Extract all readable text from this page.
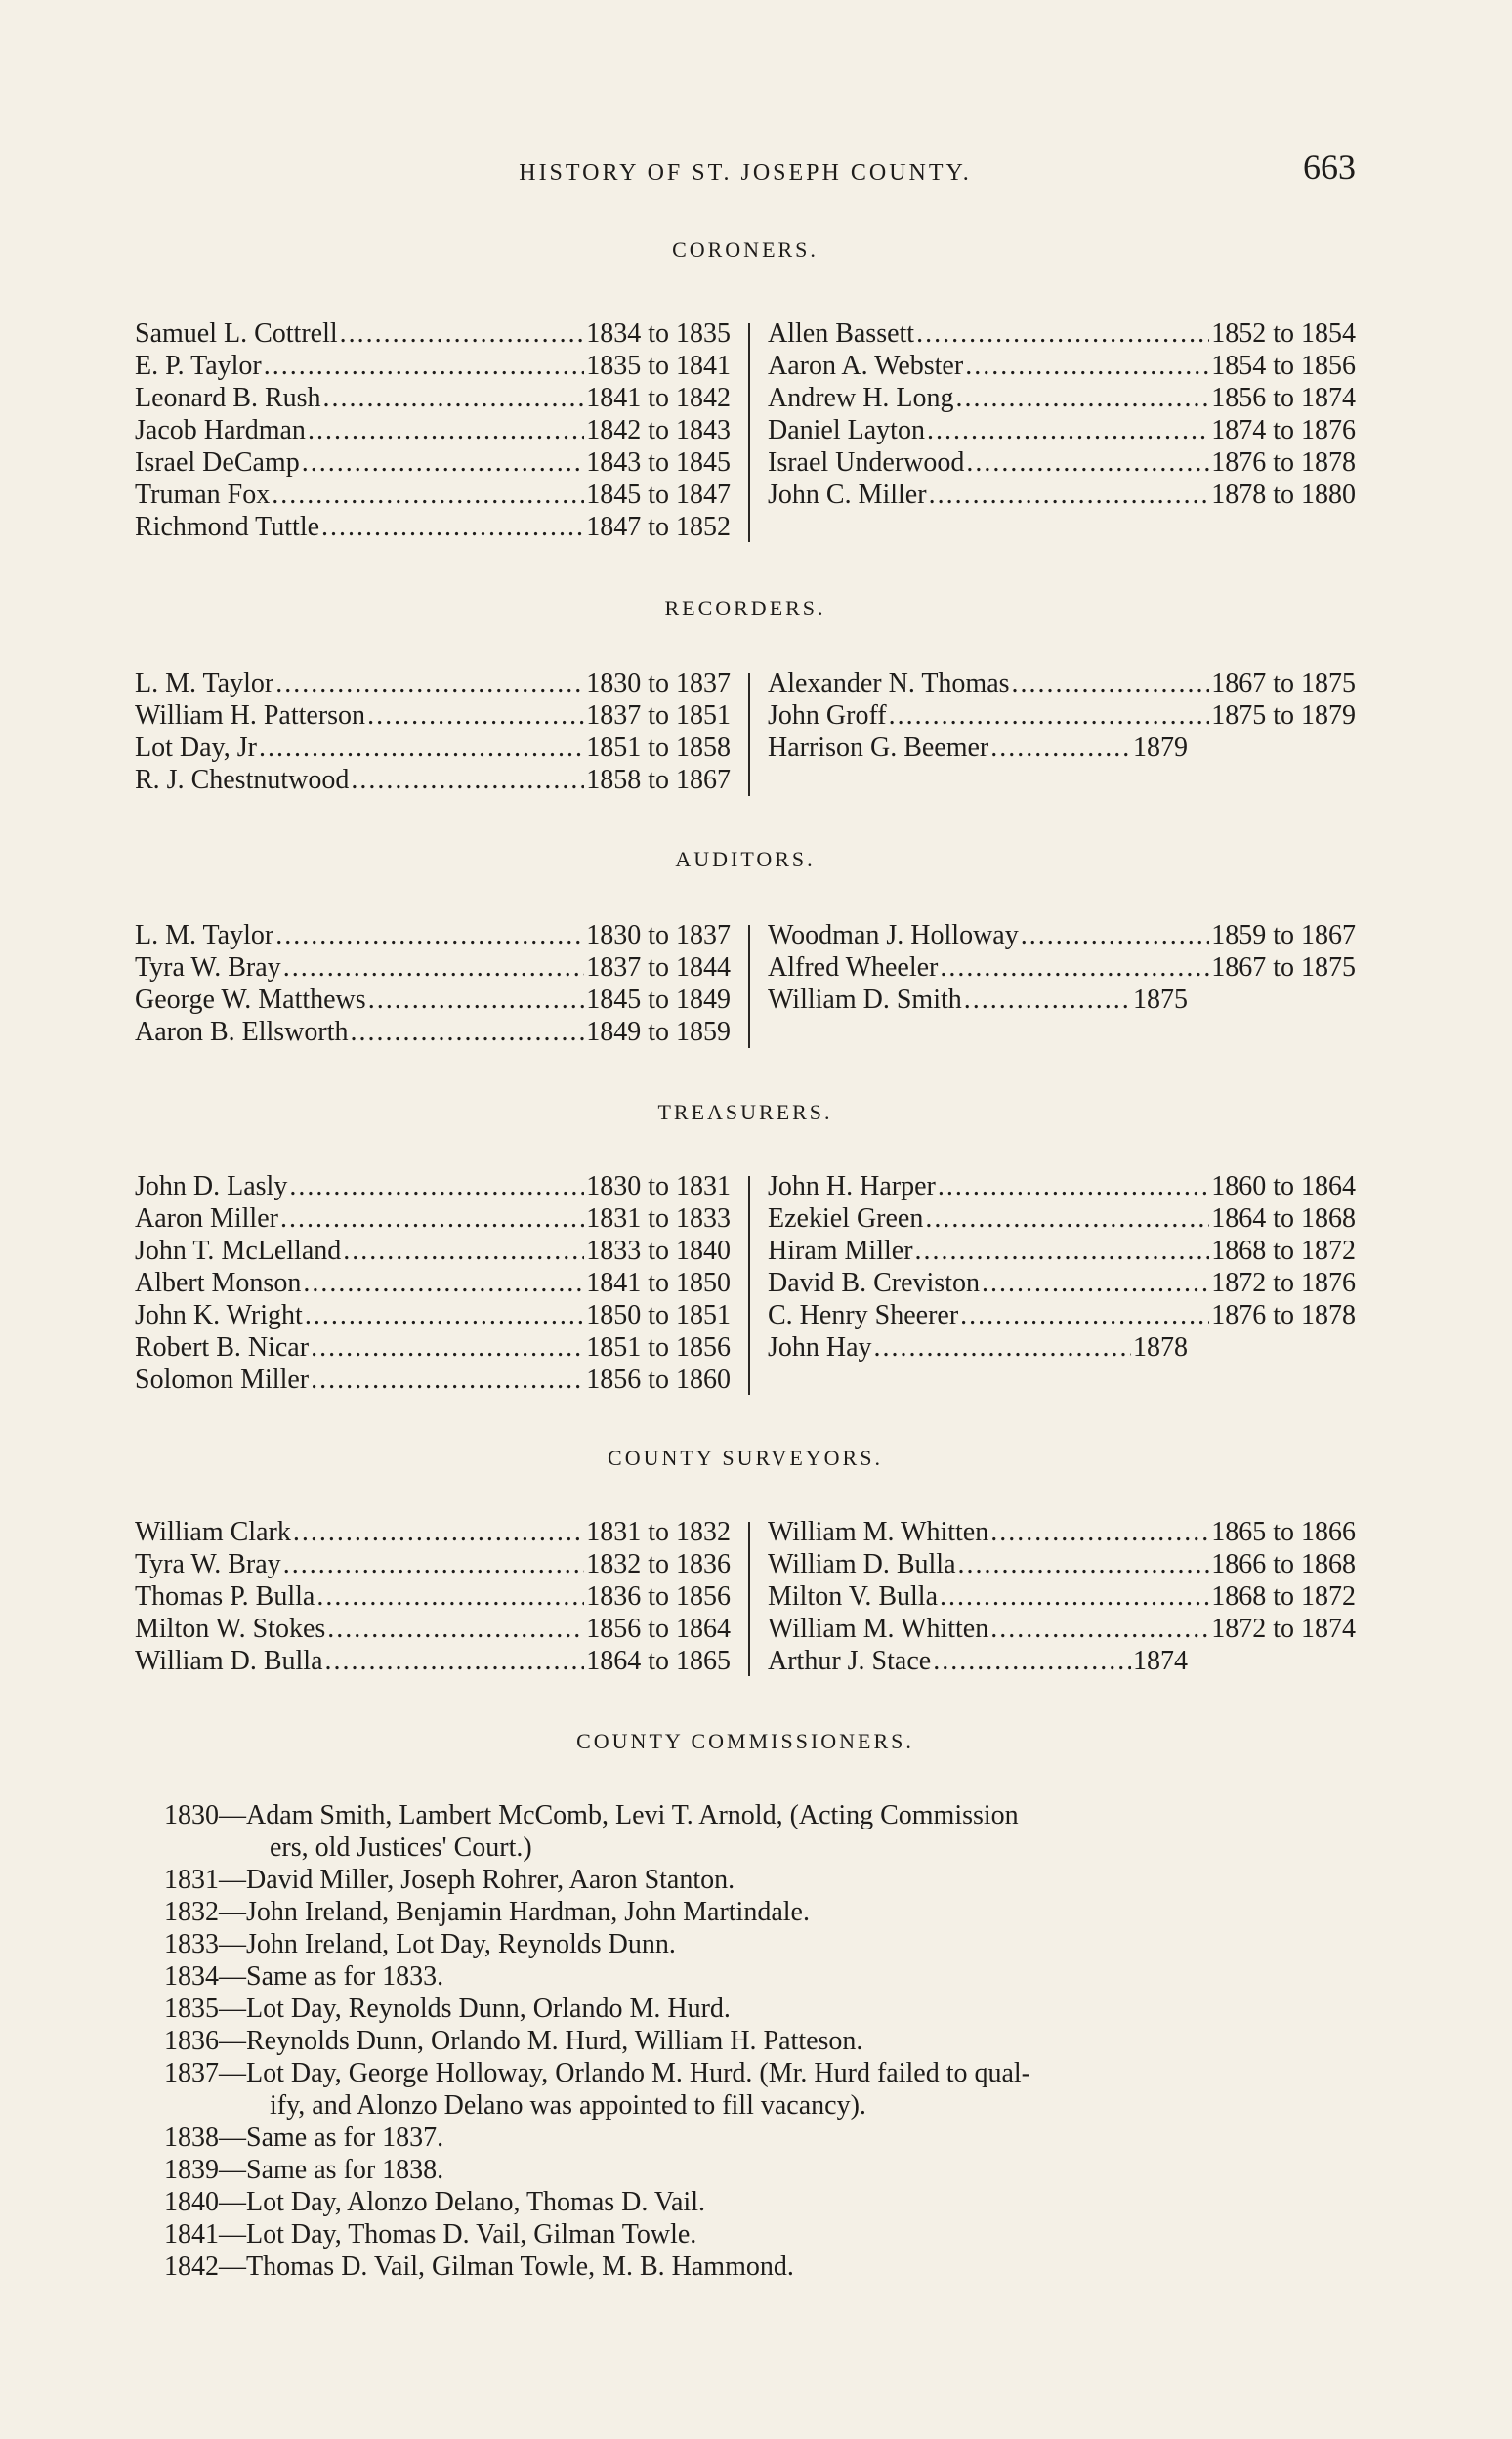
HISTORY OF ST. JOSEPH COUNTY.	663
CORONERS.
Samuel L. Cottrell .....	1834 to 1835
E. P. Taylor .....	1835 to 1841
Leonard B. Rush .....	1841 to 1842
Jacob Hardman .....	1842 to 1843
Israel DeCamp .....	1843 to 1845
Truman Fox .....	1845 to 1847
Richmond Tuttle .....	1847 to 1852
Allen Bassett .....	1852 to 1854
Aaron A. Webster .....	1854 to 1856
Andrew H. Long .....	1856 to 1874
Daniel Layton .....	1874 to 1876
Israel Underwood .....	1876 to 1878
John C. Miller .....	1878 to 1880
RECORDERS.
L. M. Taylor .....	1830 to 1837
William H. Patterson .....	1837 to 1851
Lot Day, Jr .....	1851 to 1858
R. J. Chestnutwood .....	1858 to 1867
Alexander N. Thomas .....	1867 to 1875
John Groff .....	1875 to 1879
Harrison G. Beemer .....	1879
AUDITORS.
L. M. Taylor .....	1830 to 1837
Tyra W. Bray .....	1837 to 1844
George W. Matthews .....	1845 to 1849
Aaron B. Ellsworth .....	1849 to 1859
Woodman J. Holloway .....	1859 to 1867
Alfred Wheeler .....	1867 to 1875
William D. Smith .....	1875
TREASURERS.
John D. Lasly .....	1830 to 1831
Aaron Miller .....	1831 to 1833
John T. McLelland .....	1833 to 1840
Albert Monson .....	1841 to 1850
John K. Wright .....	1850 to 1851
Robert B. Nicar .....	1851 to 1856
Solomon Miller .....	1856 to 1860
John H. Harper .....	1860 to 1864
Ezekiel Green .....	1864 to 1868
Hiram Miller .....	1868 to 1872
David B. Creviston .....	1872 to 1876
C. Henry Sheerer .....	1876 to 1878
John Hay .....	1878
COUNTY SURVEYORS.
William Clark .....	1831 to 1832
Tyra W. Bray .....	1832 to 1836
Thomas P. Bulla .....	1836 to 1856
Milton W. Stokes .....	1856 to 1864
William D. Bulla .....	1864 to 1865
William M. Whitten .....	1865 to 1866
William D. Bulla .....	1866 to 1868
Milton V. Bulla .....	1868 to 1872
William M. Whitten .....	1872 to 1874
Arthur J. Stace .....	1874
COUNTY COMMISSIONERS.
1830—Adam Smith, Lambert McComb, Levi T. Arnold, (Acting Commission
ers, old Justices' Court.)
1831—David Miller, Joseph Rohrer, Aaron Stanton.
1832—John Ireland, Benjamin Hardman, John Martindale.
1833—John Ireland, Lot Day, Reynolds Dunn.
1834—Same as for 1833.
1835—Lot Day, Reynolds Dunn, Orlando M. Hurd.
1836—Reynolds Dunn, Orlando M. Hurd, William H. Patteson.
1837—Lot Day, George Holloway, Orlando M. Hurd. (Mr. Hurd failed to qual-
ify, and Alonzo Delano was appointed to fill vacancy).
1838—Same as for 1837.
1839—Same as for 1838.
1840—Lot Day, Alonzo Delano, Thomas D. Vail.
1841—Lot Day, Thomas D. Vail, Gilman Towle.
1842—Thomas D. Vail, Gilman Towle, M. B. Hammond.
